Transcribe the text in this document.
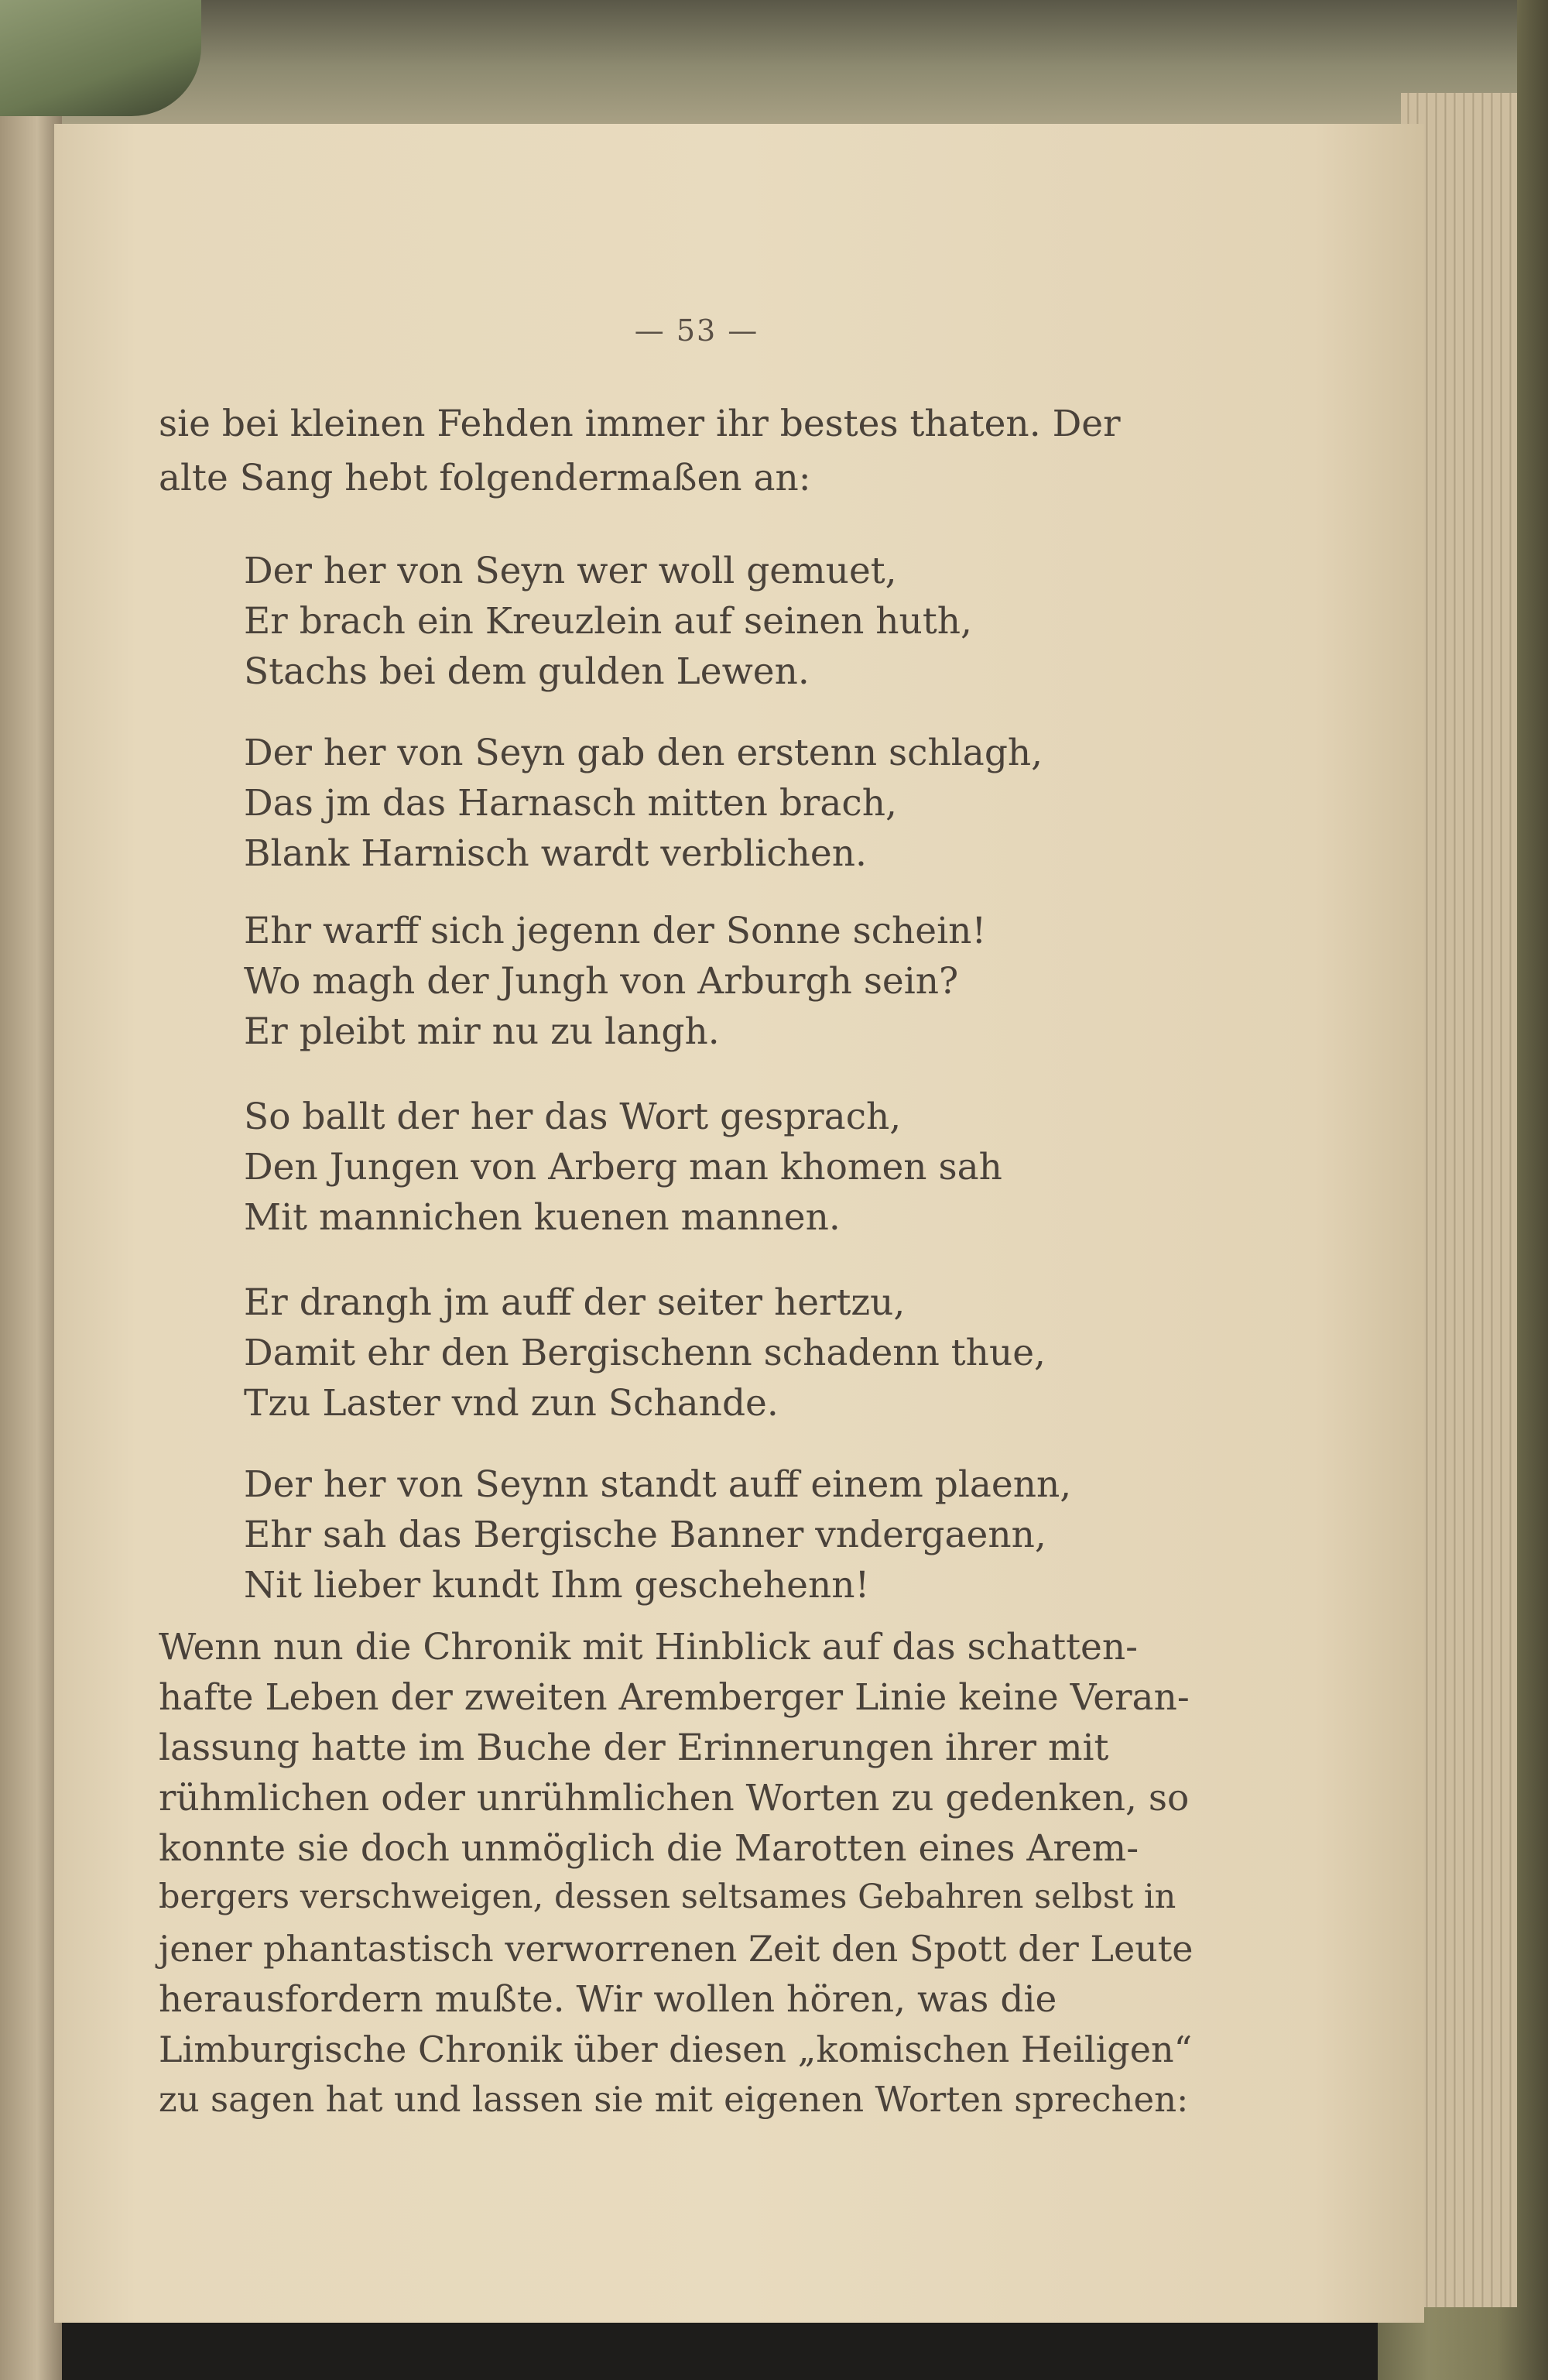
— 53 —
sie bei kleinen Fehden immer ihr bestes thaten. Der
alte Sang hebt folgendermaßen an:
Der her von Seyn wer woll gemuet,
Er brach ein Kreuzlein auf seinen huth,
Stachs bei dem gulden Lewen.
Der her von Seyn gab den erstenn schlagh,
Das jm das Harnasch mitten brach,
Blank Harnisch wardt verblichen.
Ehr warff sich jegenn der Sonne schein!
Wo magh der Jungh von Arburgh sein?
Er pleibt mir nu zu langh.
So ballt der her das Wort gesprach,
Den Jungen von Arberg man khomen sah
Mit mannichen kuenen mannen.
Er drangh jm auff der seiter hertzu,
Damit ehr den Bergischenn schadenn thue,
Tzu Laster vnd zun Schande.
Der her von Seynn standt auff einem plaenn,
Ehr sah das Bergische Banner vndergaenn,
Nit lieber kundt Ihm geschehenn!
Wenn nun die Chronik mit Hinblick auf das schatten-
hafte Leben der zweiten Aremberger Linie keine Veran-
lassung hatte im Buche der Erinnerungen ihrer mit
rühmlichen oder unrühmlichen Worten zu gedenken, so
konnte sie doch unmöglich die Marotten eines Arem-
bergers verschweigen, dessen seltsames Gebahren selbst in
jener phantastisch verworrenen Zeit den Spott der Leute
herausfordern mußte. Wir wollen hören, was die
Limburgische Chronik über diesen „komischen Heiligen“
zu sagen hat und lassen sie mit eigenen Worten sprechen:
